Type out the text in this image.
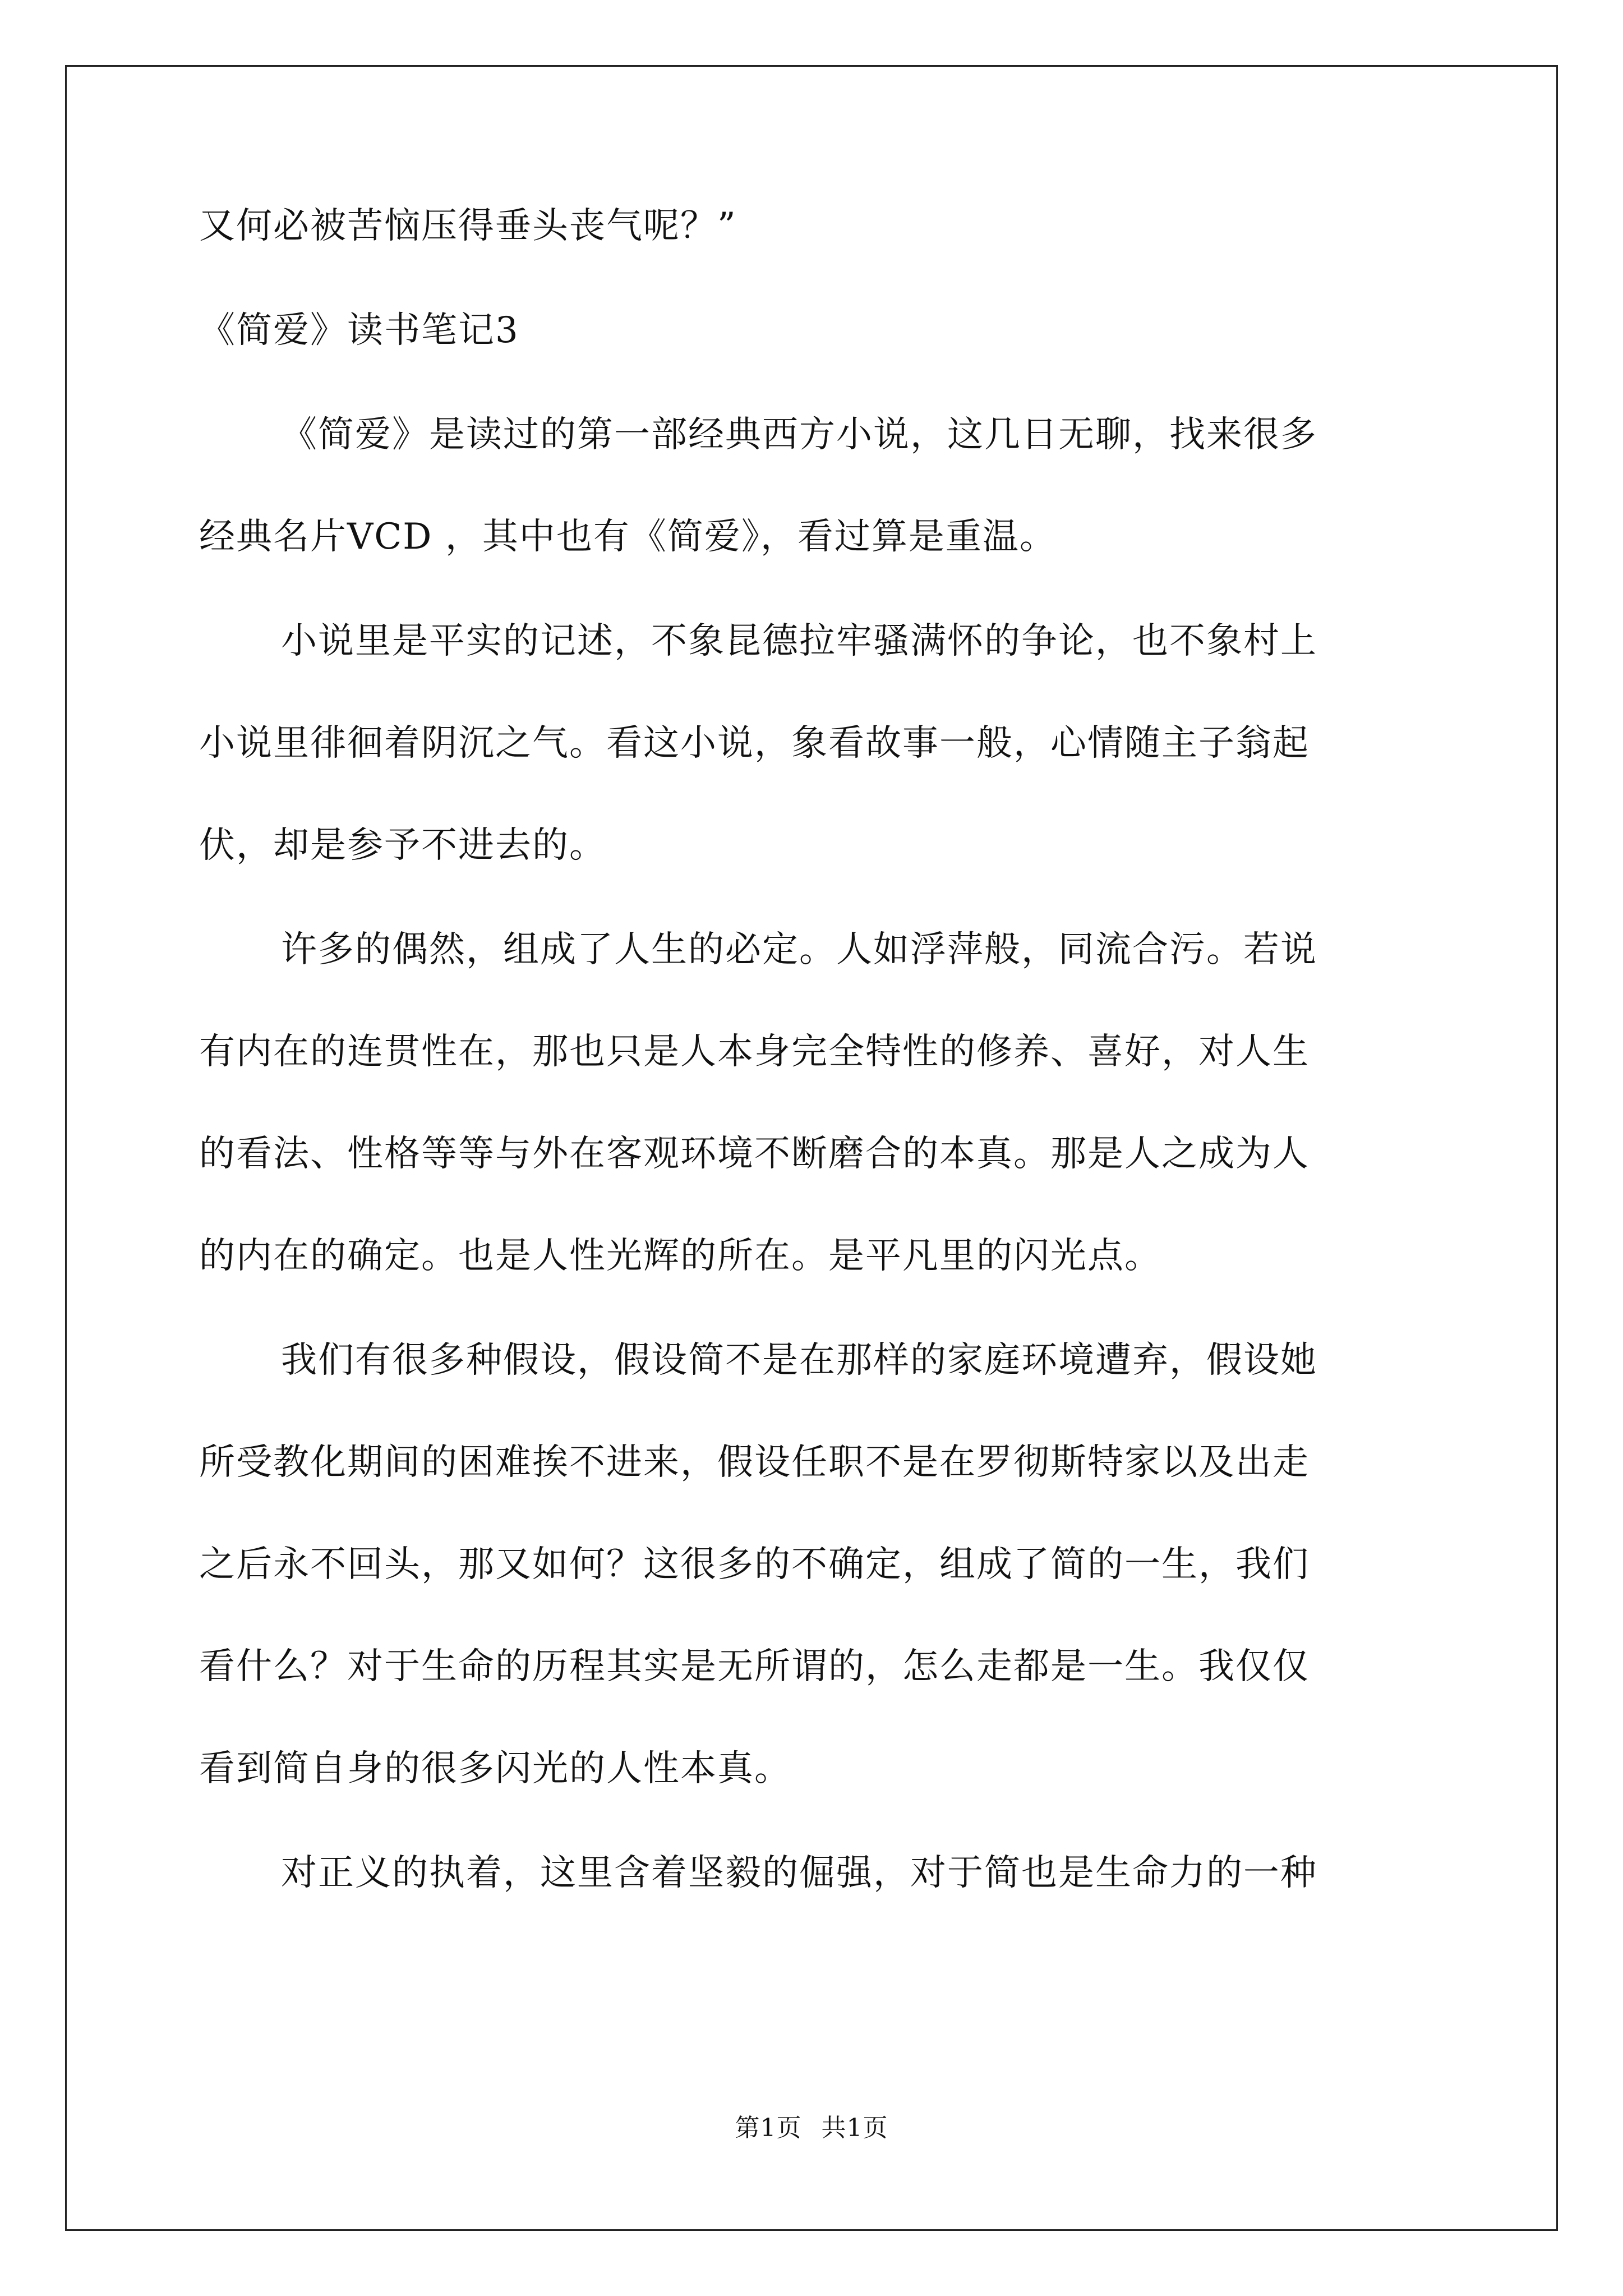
又何必被苦恼压得垂头丧气呢？”
《简爱》读书笔记3
《简爱》是读过的第一部经典西方小说，这几日无聊，找来很多
经典名片VCD ，其中也有《简爱》，看过算是重温。
小说里是平实的记述，不象昆德拉牢骚满怀的争论，也不象村上
小说里徘徊着阴沉之气。看这小说，象看故事一般，心情随主子翁起
伏，却是参予不进去的。
许多的偶然，组成了人生的必定。人如浮萍般，同流合污。若说
有内在的连贯性在，那也只是人本身完全特性的修养、喜好，对人生
的看法、性格等等与外在客观环境不断磨合的本真。那是人之成为人
的内在的确定。也是人性光辉的所在。是平凡里的闪光点。
我们有很多种假设，假设简不是在那样的家庭环境遭弃，假设她
所受教化期间的困难挨不进来，假设任职不是在罗彻斯特家以及出走
之后永不回头，那又如何？这很多的不确定，组成了简的一生，我们
看什么？对于生命的历程其实是无所谓的，怎么走都是一生。我仅仅
看到简自身的很多闪光的人性本真。
对正义的执着，这里含着坚毅的倔强，对于简也是生命力的一种
第1页 共1页
